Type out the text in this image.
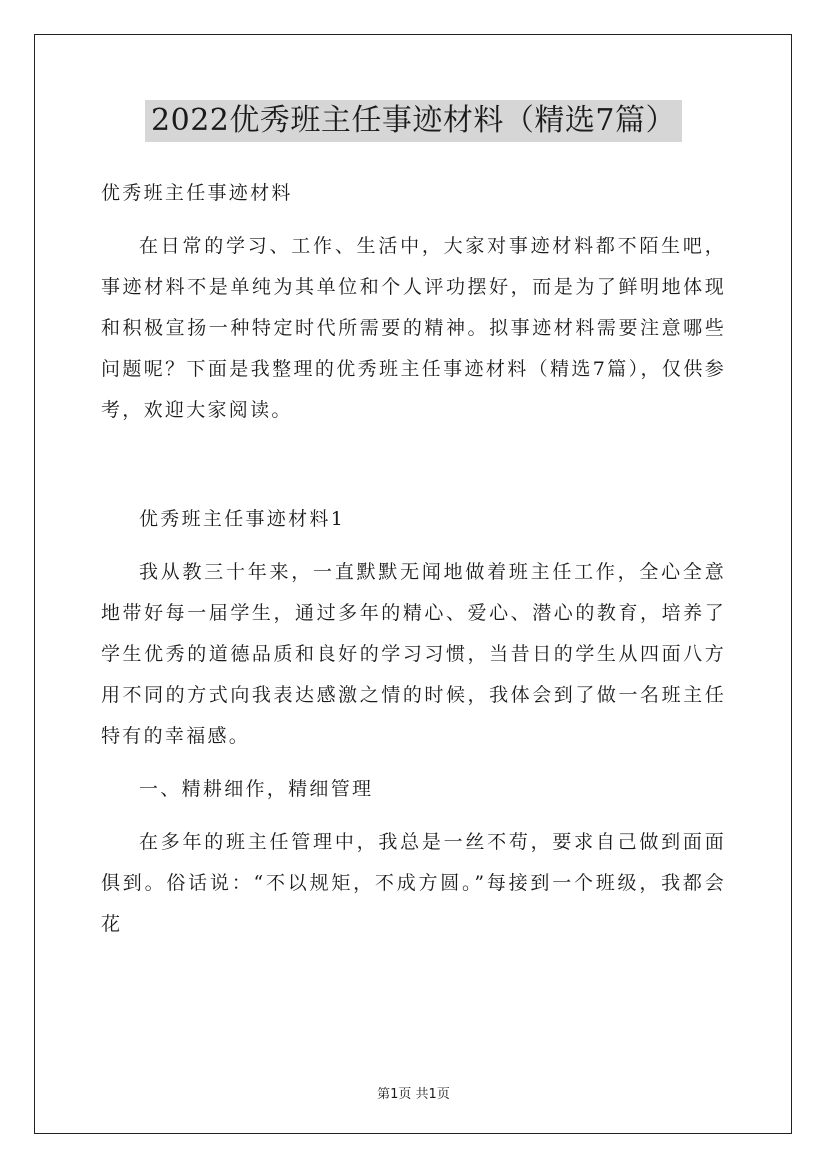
2022优秀班主任事迹材料（精选7篇）

优秀班主任事迹材料

在日常的学习、工作、生活中，大家对事迹材料都不陌生吧，事迹材料不是单纯为其单位和个人评功摆好，而是为了鲜明地体现和积极宣扬一种特定时代所需要的精神。拟事迹材料需要注意哪些问题呢？下面是我整理的优秀班主任事迹材料（精选7篇），仅供参考，欢迎大家阅读。

优秀班主任事迹材料1

我从教三十年来，一直默默无闻地做着班主任工作，全心全意地带好每一届学生，通过多年的精心、爱心、潜心的教育，培养了学生优秀的道德品质和良好的学习习惯，当昔日的学生从四面八方用不同的方式向我表达感激之情的时候，我体会到了做一名班主任特有的幸福感。

一、精耕细作，精细管理

在多年的班主任管理中，我总是一丝不苟，要求自己做到面面俱到。俗话说：“不以规矩，不成方圆。”每接到一个班级，我都会花

第1页 共1页
